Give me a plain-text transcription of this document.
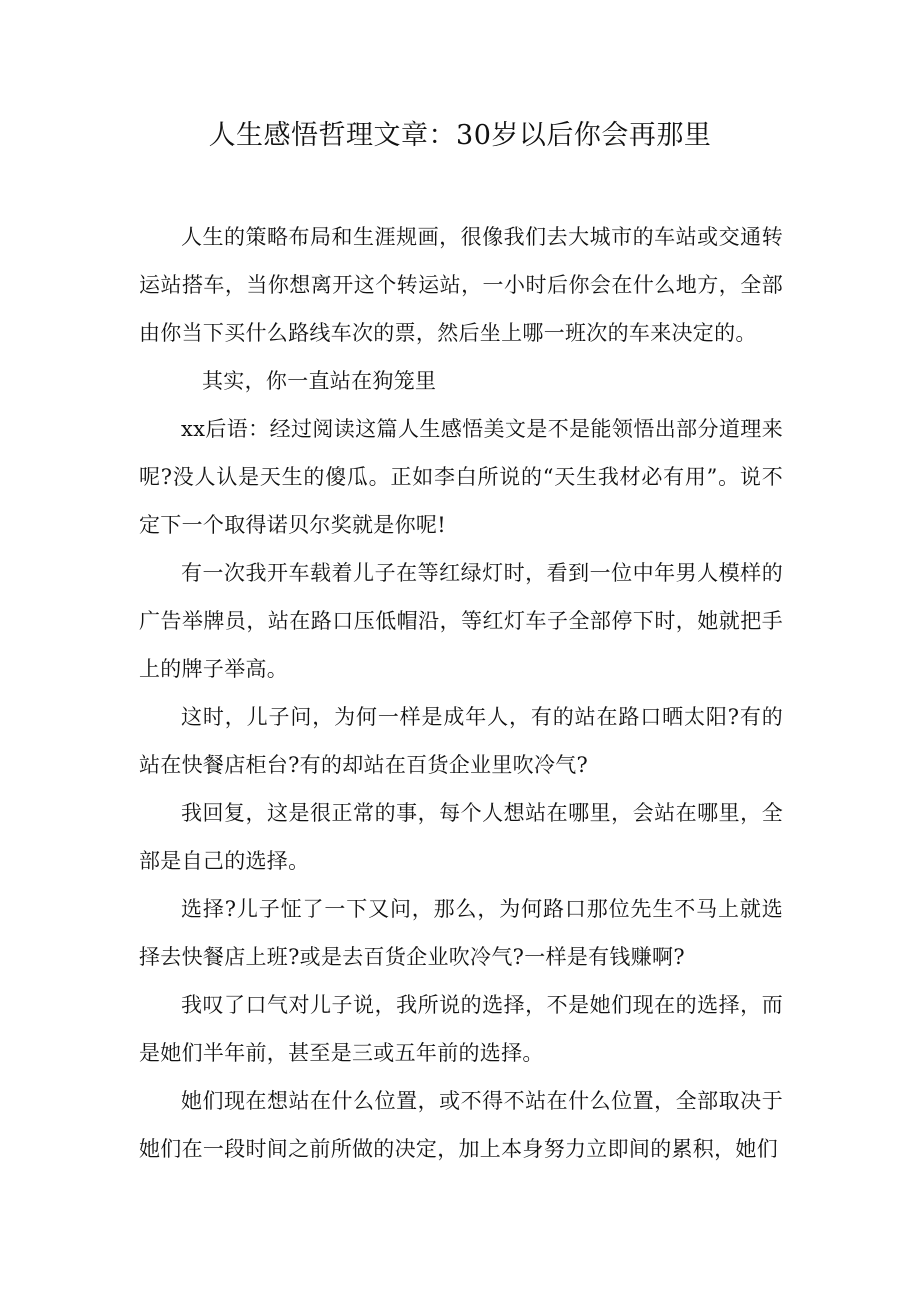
人生感悟哲理文章：30岁以后你会再那里

人生的策略布局和生涯规画，很像我们去大城市的车站或交通转运站搭车，当你想离开这个转运站，一小时后你会在什么地方，全部由你当下买什么路线车次的票，然后坐上哪一班次的车来决定的。

其实，你一直站在狗笼里

xx后语：经过阅读这篇人生感悟美文是不是能领悟出部分道理来呢?没人认是天生的傻瓜。正如李白所说的“天生我材必有用”。说不定下一个取得诺贝尔奖就是你呢!

有一次我开车载着儿子在等红绿灯时，看到一位中年男人模样的广告举牌员，站在路口压低帽沿，等红灯车子全部停下时，她就把手上的牌子举高。

这时，儿子问，为何一样是成年人，有的站在路口晒太阳?有的站在快餐店柜台?有的却站在百货企业里吹冷气?

我回复，这是很正常的事，每个人想站在哪里，会站在哪里，全部是自己的选择。

选择?儿子怔了一下又问，那么，为何路口那位先生不马上就选择去快餐店上班?或是去百货企业吹冷气?一样是有钱赚啊?

我叹了口气对儿子说，我所说的选择，不是她们现在的选择，而是她们半年前，甚至是三或五年前的选择。

她们现在想站在什么位置，或不得不站在什么位置，全部取决于她们在一段时间之前所做的决定，加上本身努力立即间的累积，她们
